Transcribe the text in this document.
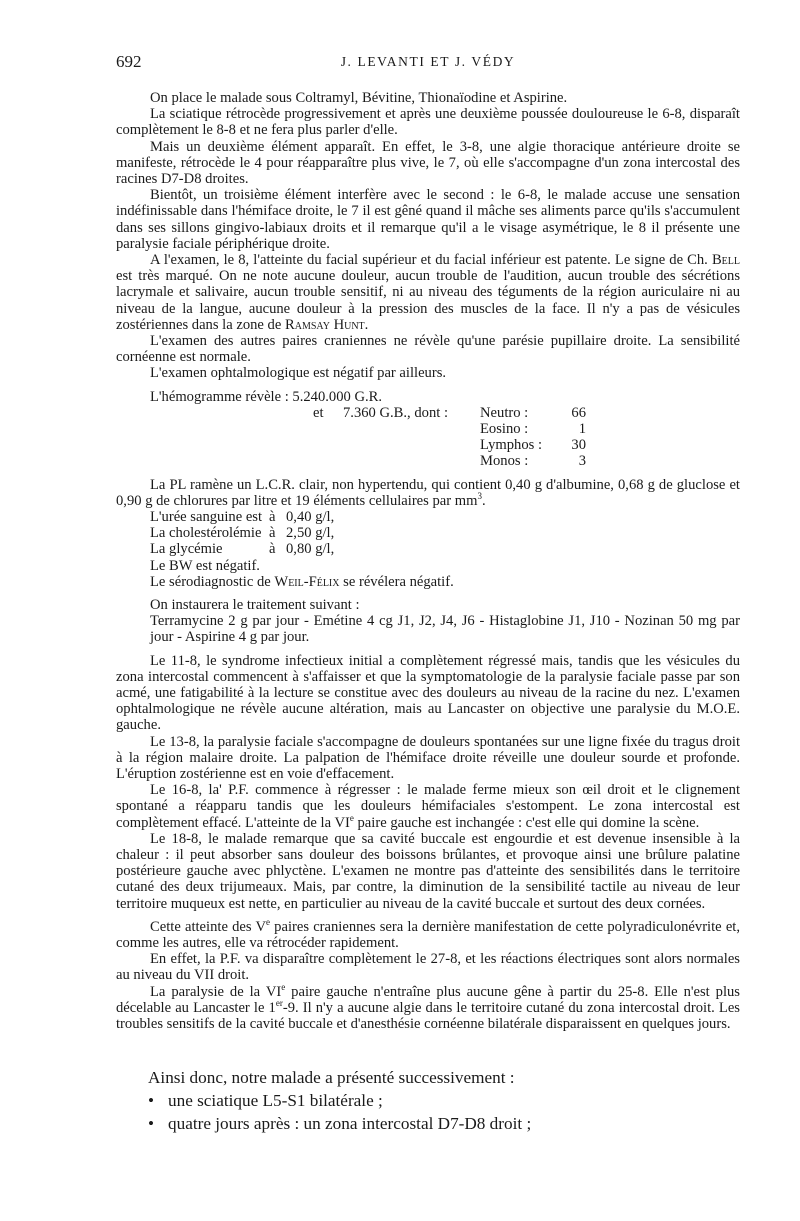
692	J. LEVANTI ET J. VÉDY

On place le malade sous Coltramyl, Bévitine, Thionaïodine et Aspirine.

La sciatique rétrocède progressivement et après une deuxième poussée douloureuse le 6-8, disparaît complètement le 8-8 et ne fera plus parler d'elle.

Mais un deuxième élément apparaît. En effet, le 3-8, une algie thoracique antérieure droite se manifeste, rétrocède le 4 pour réapparaître plus vive, le 7, où elle s'accompagne d'un zona intercostal des racines D7-D8 droites.

Bientôt, un troisième élément interfère avec le second : le 6-8, le malade accuse une sensation indéfinissable dans l'hémiface droite, le 7 il est gêné quand il mâche ses aliments parce qu'ils s'accumulent dans ses sillons gingivo-labiaux droits et il remarque qu'il a le visage asymétrique, le 8 il présente une paralysie faciale périphérique droite.

A l'examen, le 8, l'atteinte du facial supérieur et du facial inférieur est patente. Le signe de Ch. Bell est très marqué. On ne note aucune douleur, aucun trouble de l'audition, aucun trouble des sécrétions lacrymale et salivaire, aucun trouble sensitif, ni au niveau des téguments de la région auriculaire ni au niveau de la langue, aucune douleur à la pression des muscles de la face. Il n'y a pas de vésicules zostériennes dans la zone de Ramsay Hunt.

L'examen des autres paires craniennes ne révèle qu'une parésie pupillaire droite. La sensibilité cornéenne est normale.

L'examen ophtalmologique est négatif par ailleurs.

L'hémogramme révèle : 5.240.000 G.R.
et 7.360 G.B., dont : Neutro :	66
Eosino :	1
Lymphos :	30
Monos :	3

La PL ramène un L.C.R. clair, non hypertendu, qui contient 0,40 g d'albumine, 0,68 g de gluclose et 0,90 g de chlorures par litre et 19 éléments cellulaires par $mm^3$.

L'urée sanguine est à 0,40 g/l,
La cholestérolémie à 2,50 g/l,
La glycémie	à 0,80 g/l,
Le BW est négatif.
Le sérodiagnostic de Weil-Félix se révélera négatif.

On instaurera le traitement suivant :

Terramycine 2 g par jour - Emétine 4 cg J1, J2, J4, J6 - Histaglobine J1, J10 - Nozinan 50 mg par jour - Aspirine 4 g par jour.

Le 11-8, le syndrome infectieux initial a complètement régressé mais, tandis que les vésicules du zona intercostal commencent à s'affaisser et que la symptomatologie de la paralysie faciale passe par son acmé, une fatigabilité à la lecture se constitue avec des douleurs au niveau de la racine du nez. L'examen ophtalmologique ne révèle aucune altération, mais au Lancaster on objective une paralysie du M.O.E. gauche.

Le 13-8, la paralysie faciale s'accompagne de douleurs spontanées sur une ligne fixée du tragus droit à la région malaire droite. La palpation de l'hémiface droite réveille une douleur sourde et profonde. L'éruption zostérienne est en voie d'effacement.

Le 16-8, la' P.F. commence à régresser : le malade ferme mieux son œil droit et le clignement spontané a réapparu tandis que les douleurs hémifaciales s'estompent. Le zona intercostal est complètement effacé. L'atteinte de la VIe paire gauche est inchangée : c'est elle qui domine la scène.

Le 18-8, le malade remarque que sa cavité buccale est engourdie et est devenue insensible à la chaleur : il peut absorber sans douleur des boissons brûlantes, et provoque ainsi une brûlure palatine postérieure gauche avec phlyctène. L'examen ne montre pas d'atteinte des sensibilités dans le territoire cutané des deux trijumeaux. Mais, par contre, la diminution de la sensibilité tactile au niveau de leur territoire muqueux est nette, en particulier au niveau de la cavité buccale et surtout des deux cornées.

Cette atteinte des Ve paires craniennes sera la dernière manifestation de cette polyradiculonévrite et, comme les autres, elle va rétrocéder rapidement.

En effet, la P.F. va disparaître complètement le 27-8, et les réactions électriques sont alors normales au niveau du VII droit.

La paralysie de la VIe paire gauche n'entraîne plus aucune gêne à partir du 25-8. Elle n'est plus décelable au Lancaster le 1er-9. Il n'y a aucune algie dans le territoire cutané du zona intercostal droit. Les troubles sensitifs de la cavité buccale et d'anesthésie cornéenne bilatérale disparaissent en quelques jours.

Ainsi donc, notre malade a présenté successivement :
• une sciatique L5-S1 bilatérale ;
• quatre jours après : un zona intercostal D7-D8 droit ;
